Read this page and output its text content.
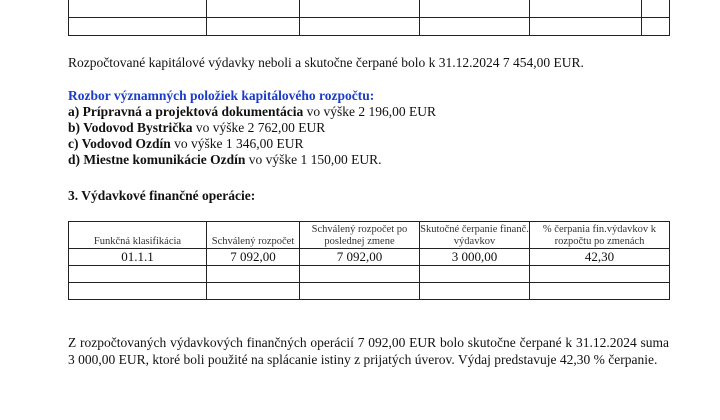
Rozpočtované kapitálové výdavky neboli a skutočne čerpané bolo k 31.12.2024 7 454,00 EUR.

Rozbor významných položiek kapitálového rozpočtu:

a) Prípravná a projektová dokumentácia vo výške 2 196,00 EUR

b) Vodovod Bystrička vo výške 2 762,00 EUR

c) Vodovod Ozdín vo výške 1 346,00 EUR

d) Miestne komunikácie Ozdín vo výške 1 150,00 EUR.

3. Výdavkové finančné operácie:

Funkčná klasifikácia	Schválený rozpočet	Schválený rozpočet po poslednej zmene	Skutočné čerpanie finanč. výdavkov	% čerpania fin.výdavkov k rozpočtu po zmenách
01.1.1	7 092,00	7 092,00	3 000,00	42,30

Z rozpočtovaných výdavkových finančných operácií 7 092,00 EUR bolo skutočne čerpané k 31.12.2024 suma 3 000,00 EUR, ktoré boli použité na splácanie istiny z prijatých úverov. Výdaj predstavuje 42,30 % čerpanie.
